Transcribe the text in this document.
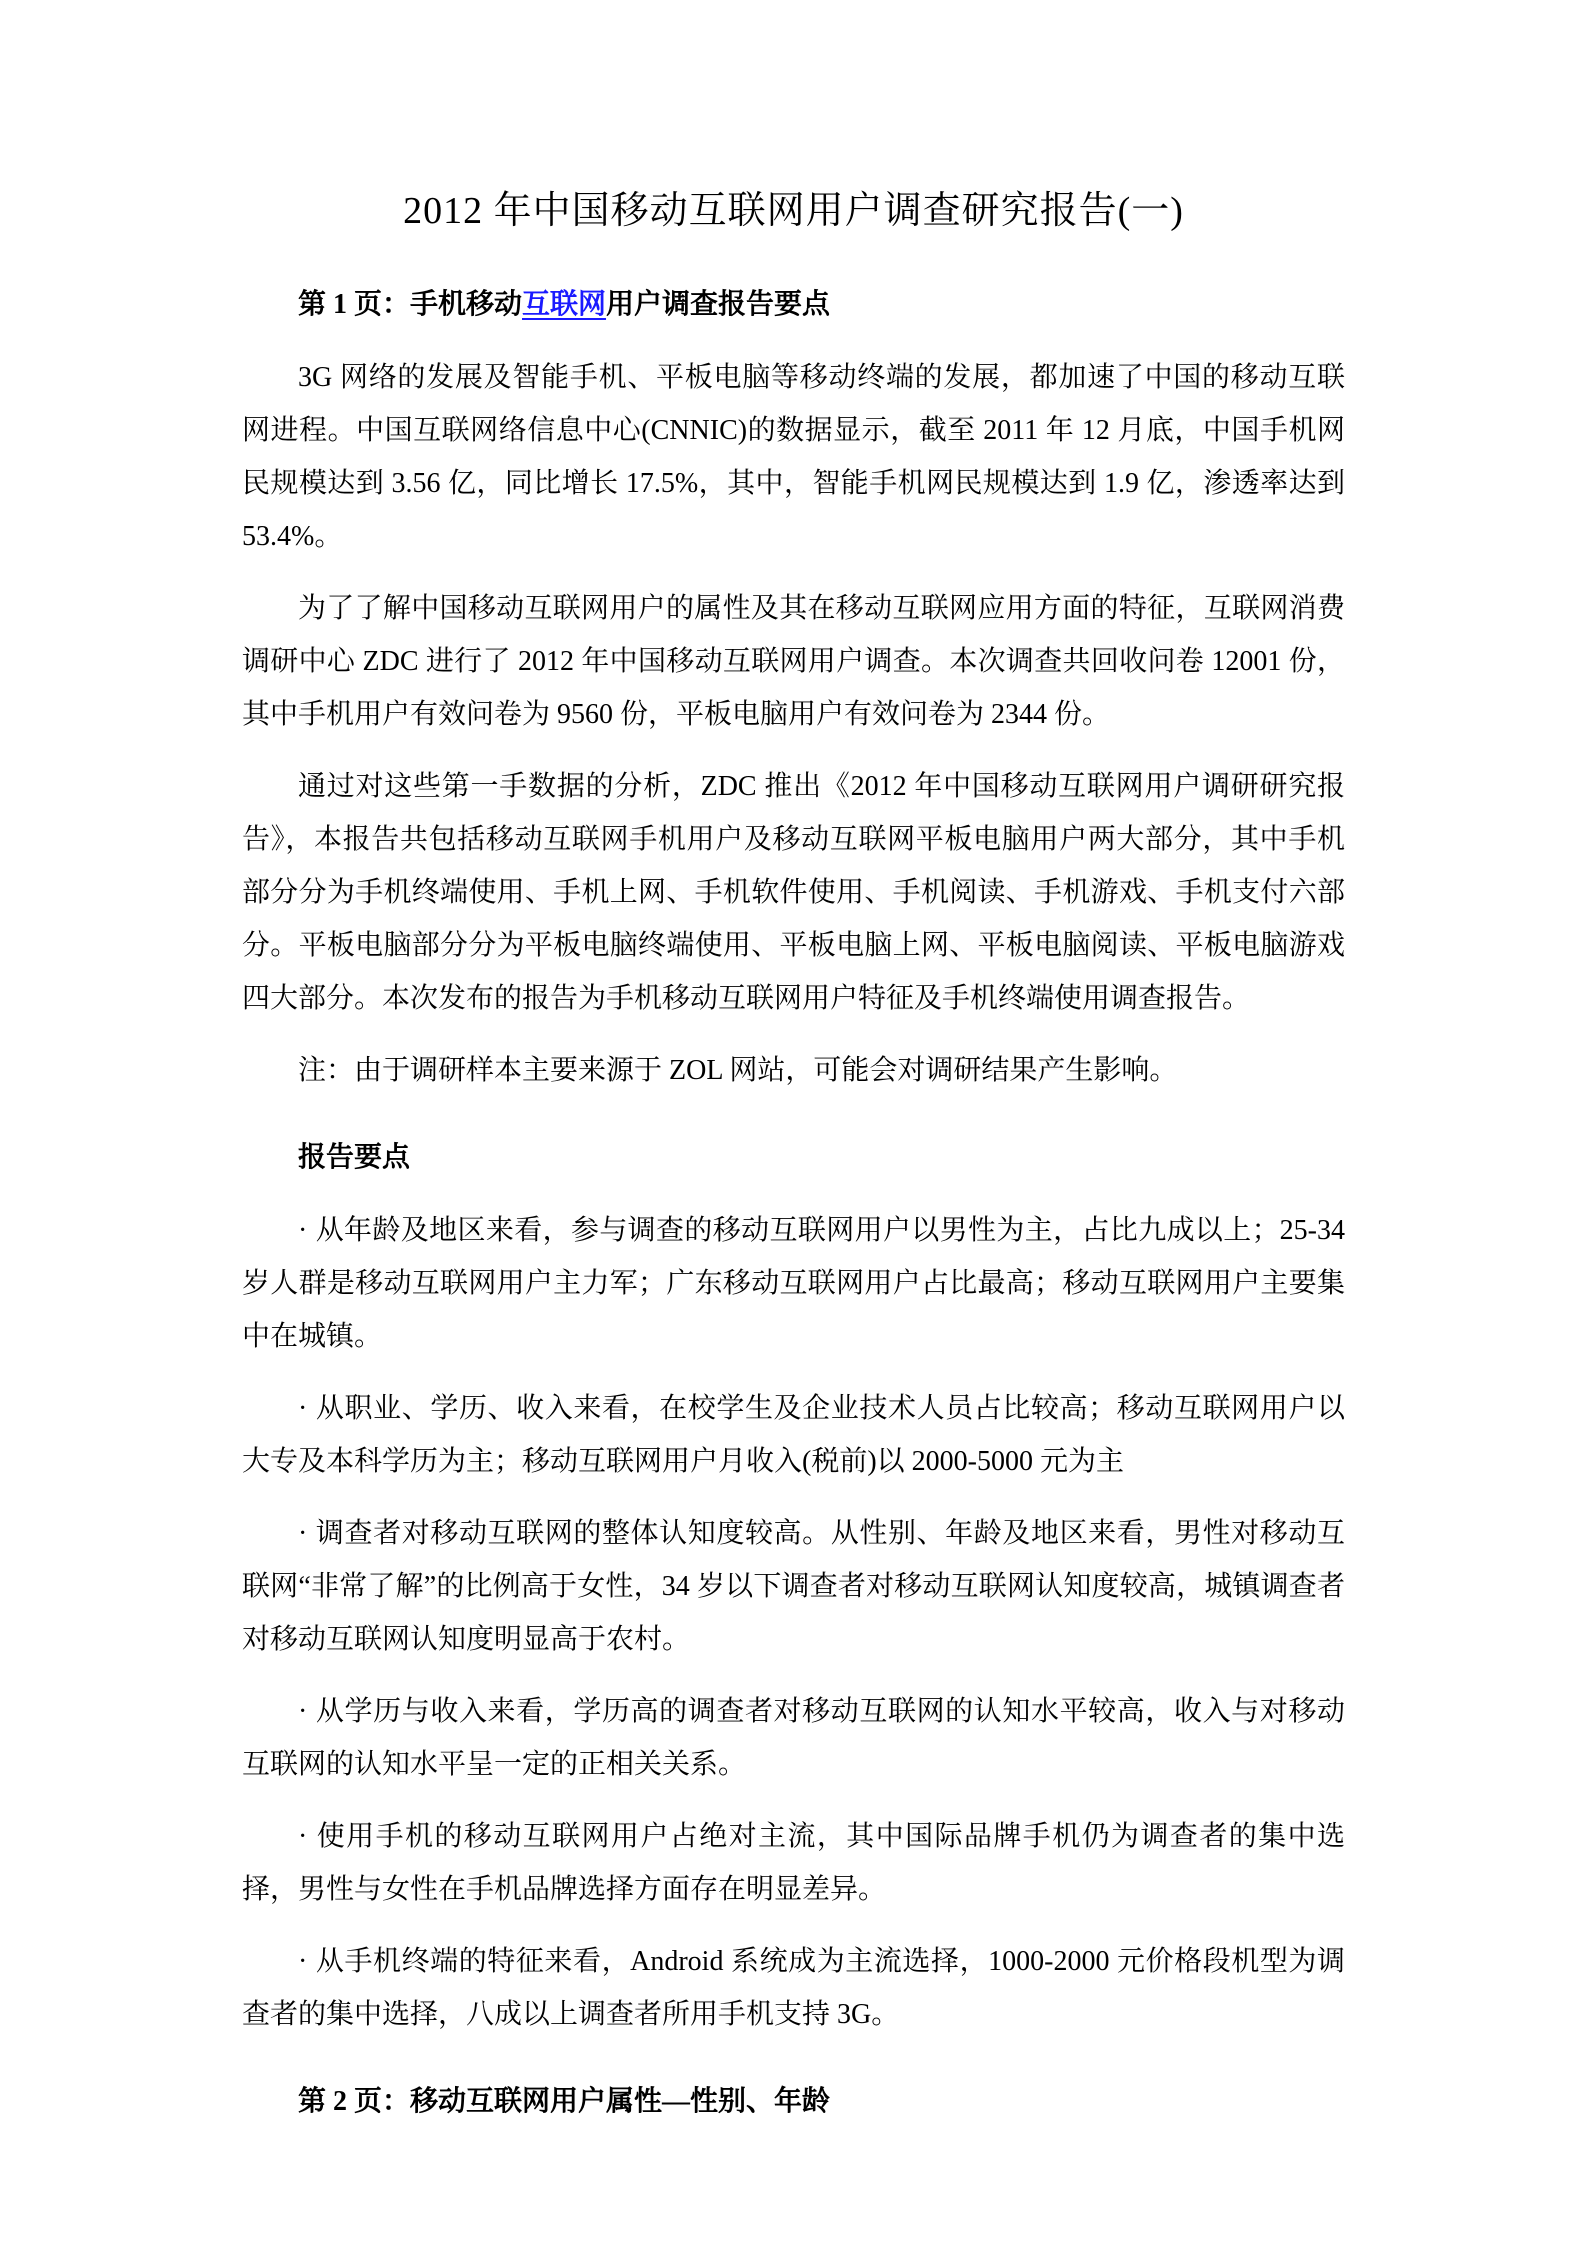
2012 年中国移动互联网用户调查研究报告(一)
第 1 页：手机移动互联网用户调查报告要点

3G 网络的发展及智能手机、平板电脑等移动终端的发展，都加速了中国的移动互联网进程。中国互联网络信息中心(CNNIC)的数据显示，截至 2011 年 12 月底，中国手机网民规模达到 3.56 亿，同比增长 17.5%，其中，智能手机网民规模达到 1.9 亿，渗透率达到 53.4%。

为了了解中国移动互联网用户的属性及其在移动互联网应用方面的特征，互联网消费调研中心 ZDC 进行了 2012 年中国移动互联网用户调查。本次调查共回收问卷 12001 份，其中手机用户有效问卷为 9560 份，平板电脑用户有效问卷为 2344 份。

通过对这些第一手数据的分析，ZDC 推出《2012 年中国移动互联网用户调研研究报告》，本报告共包括移动互联网手机用户及移动互联网平板电脑用户两大部分，其中手机部分分为手机终端使用、手机上网、手机软件使用、手机阅读、手机游戏、手机支付六部分。平板电脑部分分为平板电脑终端使用、平板电脑上网、平板电脑阅读、平板电脑游戏四大部分。本次发布的报告为手机移动互联网用户特征及手机终端使用调查报告。

注：由于调研样本主要来源于 ZOL 网站，可能会对调研结果产生影响。

报告要点

· 从年龄及地区来看，参与调查的移动互联网用户以男性为主，占比九成以上；25-34 岁人群是移动互联网用户主力军；广东移动互联网用户占比最高；移动互联网用户主要集中在城镇。

· 从职业、学历、收入来看，在校学生及企业技术人员占比较高；移动互联网用户以大专及本科学历为主；移动互联网用户月收入(税前)以 2000-5000 元为主

· 调查者对移动互联网的整体认知度较高。从性别、年龄及地区来看，男性对移动互联网“非常了解”的比例高于女性，34 岁以下调查者对移动互联网认知度较高，城镇调查者对移动互联网认知度明显高于农村。

· 从学历与收入来看，学历高的调查者对移动互联网的认知水平较高，收入与对移动互联网的认知水平呈一定的正相关关系。

· 使用手机的移动互联网用户占绝对主流，其中国际品牌手机仍为调查者的集中选择，男性与女性在手机品牌选择方面存在明显差异。

· 从手机终端的特征来看，Android 系统成为主流选择，1000-2000 元价格段机型为调查者的集中选择，八成以上调查者所用手机支持 3G。

第 2 页：移动互联网用户属性—性别、年龄
